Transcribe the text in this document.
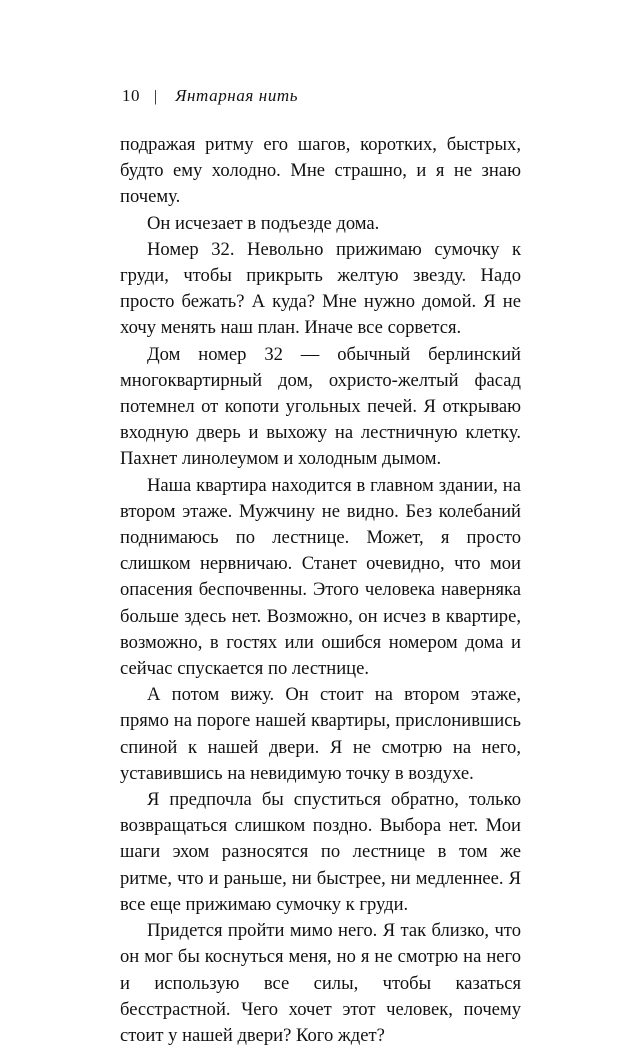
10 | Янтарная нить

подражая ритму его шагов, коротких, быстрых, будто ему холодно. Мне страшно, и я не знаю почему.

Он исчезает в подъезде дома.

Номер 32. Невольно прижимаю сумочку к груди, чтобы прикрыть желтую звезду. Надо просто бежать? А куда? Мне нужно домой. Я не хочу менять наш план. Иначе все сорвется.

Дом номер 32 — обычный берлинский многоквартирный дом, охристо-желтый фасад потемнел от копоти угольных печей. Я открываю входную дверь и выхожу на лестничную клетку. Пахнет линолеумом и холодным дымом.

Наша квартира находится в главном здании, на втором этаже. Мужчину не видно. Без колебаний поднимаюсь по лестнице. Может, я просто слишком нервничаю. Станет очевидно, что мои опасения беспочвенны. Этого человека наверняка больше здесь нет. Возможно, он исчез в квартире, возможно, в гостях или ошибся номером дома и сейчас спускается по лестнице.

А потом вижу. Он стоит на втором этаже, прямо на пороге нашей квартиры, прислонившись спиной к нашей двери. Я не смотрю на него, уставившись на невидимую точку в воздухе.

Я предпочла бы спуститься обратно, только возвращаться слишком поздно. Выбора нет. Мои шаги эхом разносятся по лестнице в том же ритме, что и раньше, ни быстрее, ни медленнее. Я все еще прижимаю сумочку к груди.

Придется пройти мимо него. Я так близко, что он мог бы коснуться меня, но я не смотрю на него и использую все силы, чтобы казаться бесстрастной. Чего хочет этот человек, почему стоит у нашей двери? Кого ждет?
